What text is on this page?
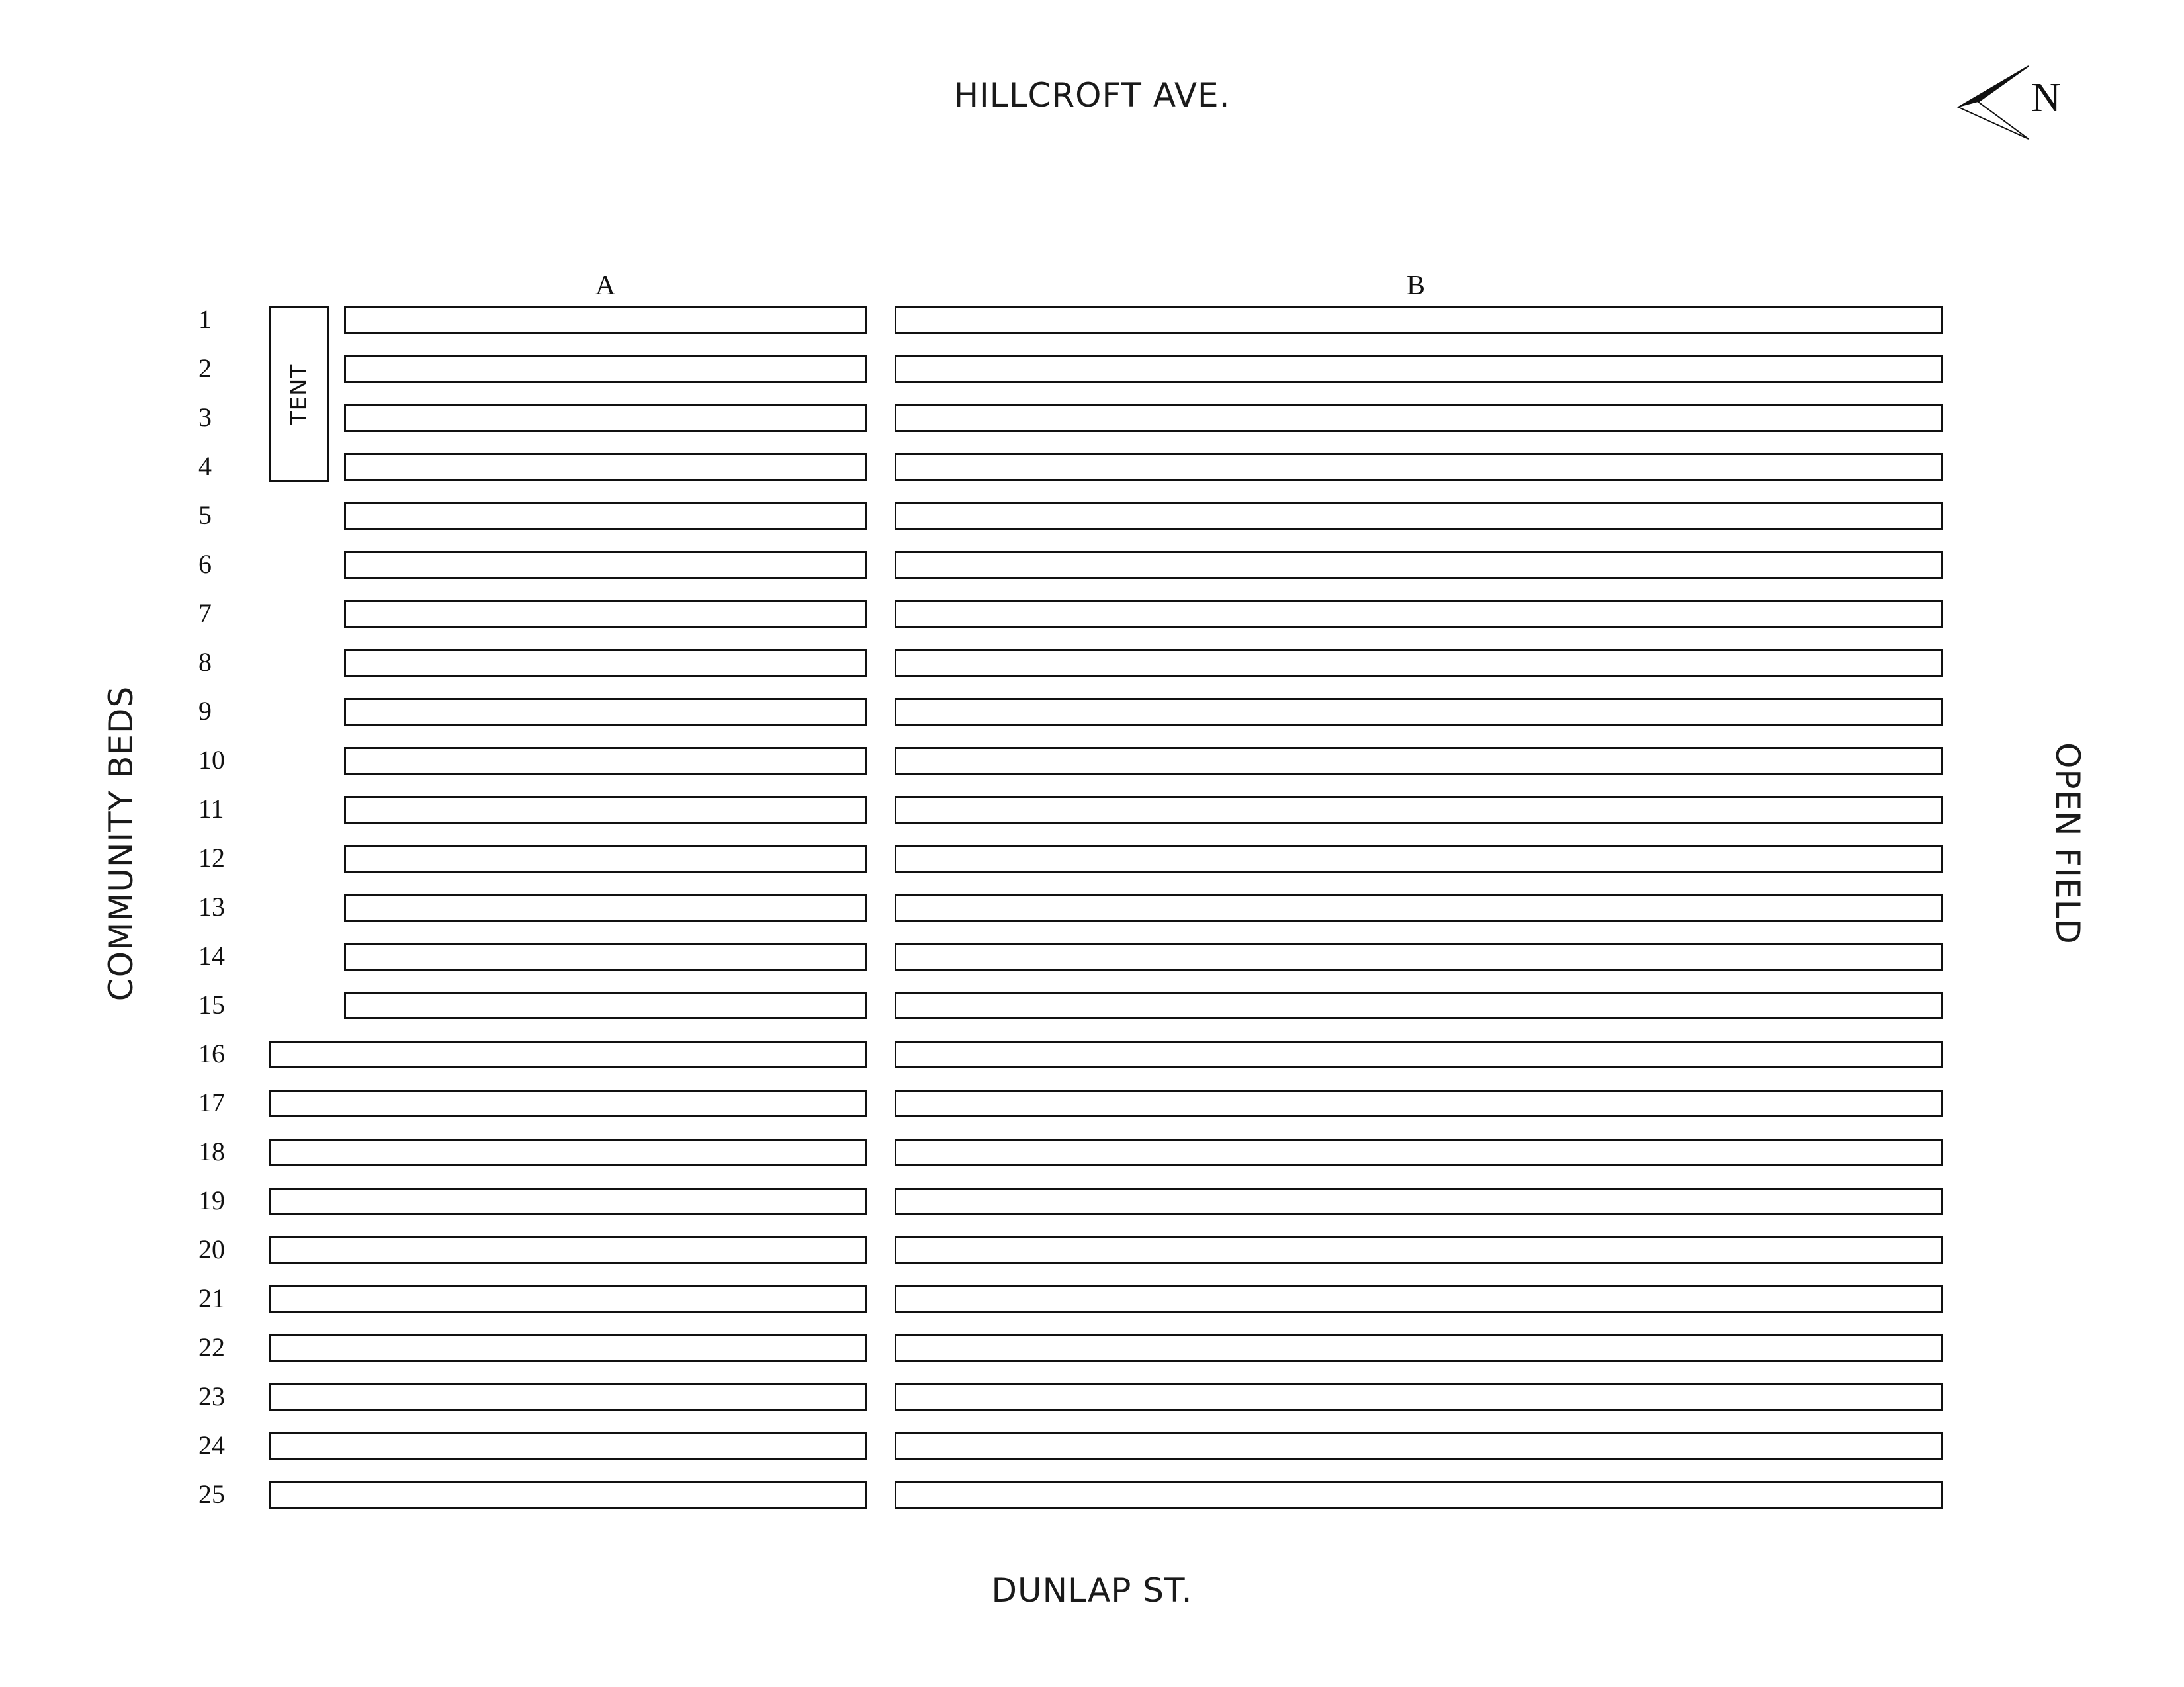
HILLCROFT AVE.
DUNLAP ST.
COMMUNITY BEDS	OPEN FIELD
N
A	B
TENT
1
2
3
4
5
6
7
8
9
10
11
12
13
14
15
16
17
18
19
20
21
22
23
24
25
